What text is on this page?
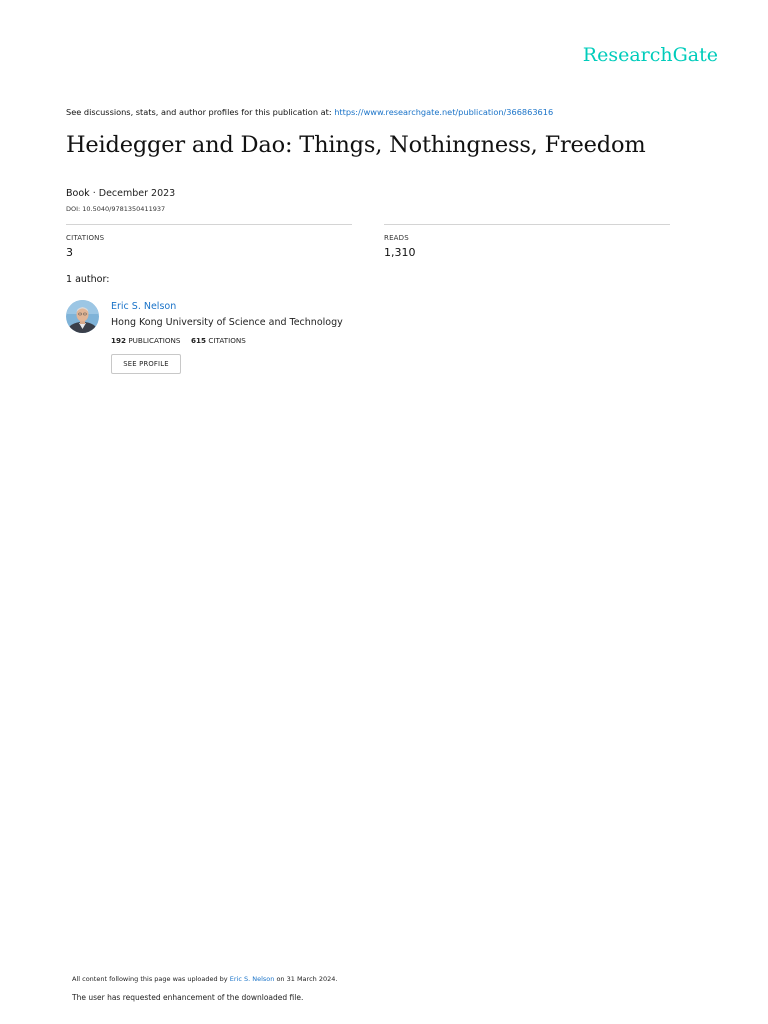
ResearchGate
See discussions, stats, and author profiles for this publication at: https://www.researchgate.net/publication/366863616
Heidegger and Dao: Things, Nothingness, Freedom
Book · December 2023
DOI: 10.5040/9781350411937
CITATIONS
3
READS
1,310
1 author:
Eric S. Nelson
Hong Kong University of Science and Technology
192 PUBLICATIONS 615 CITATIONS
SEE PROFILE
All content following this page was uploaded by Eric S. Nelson on 31 March 2024.
The user has requested enhancement of the downloaded file.
